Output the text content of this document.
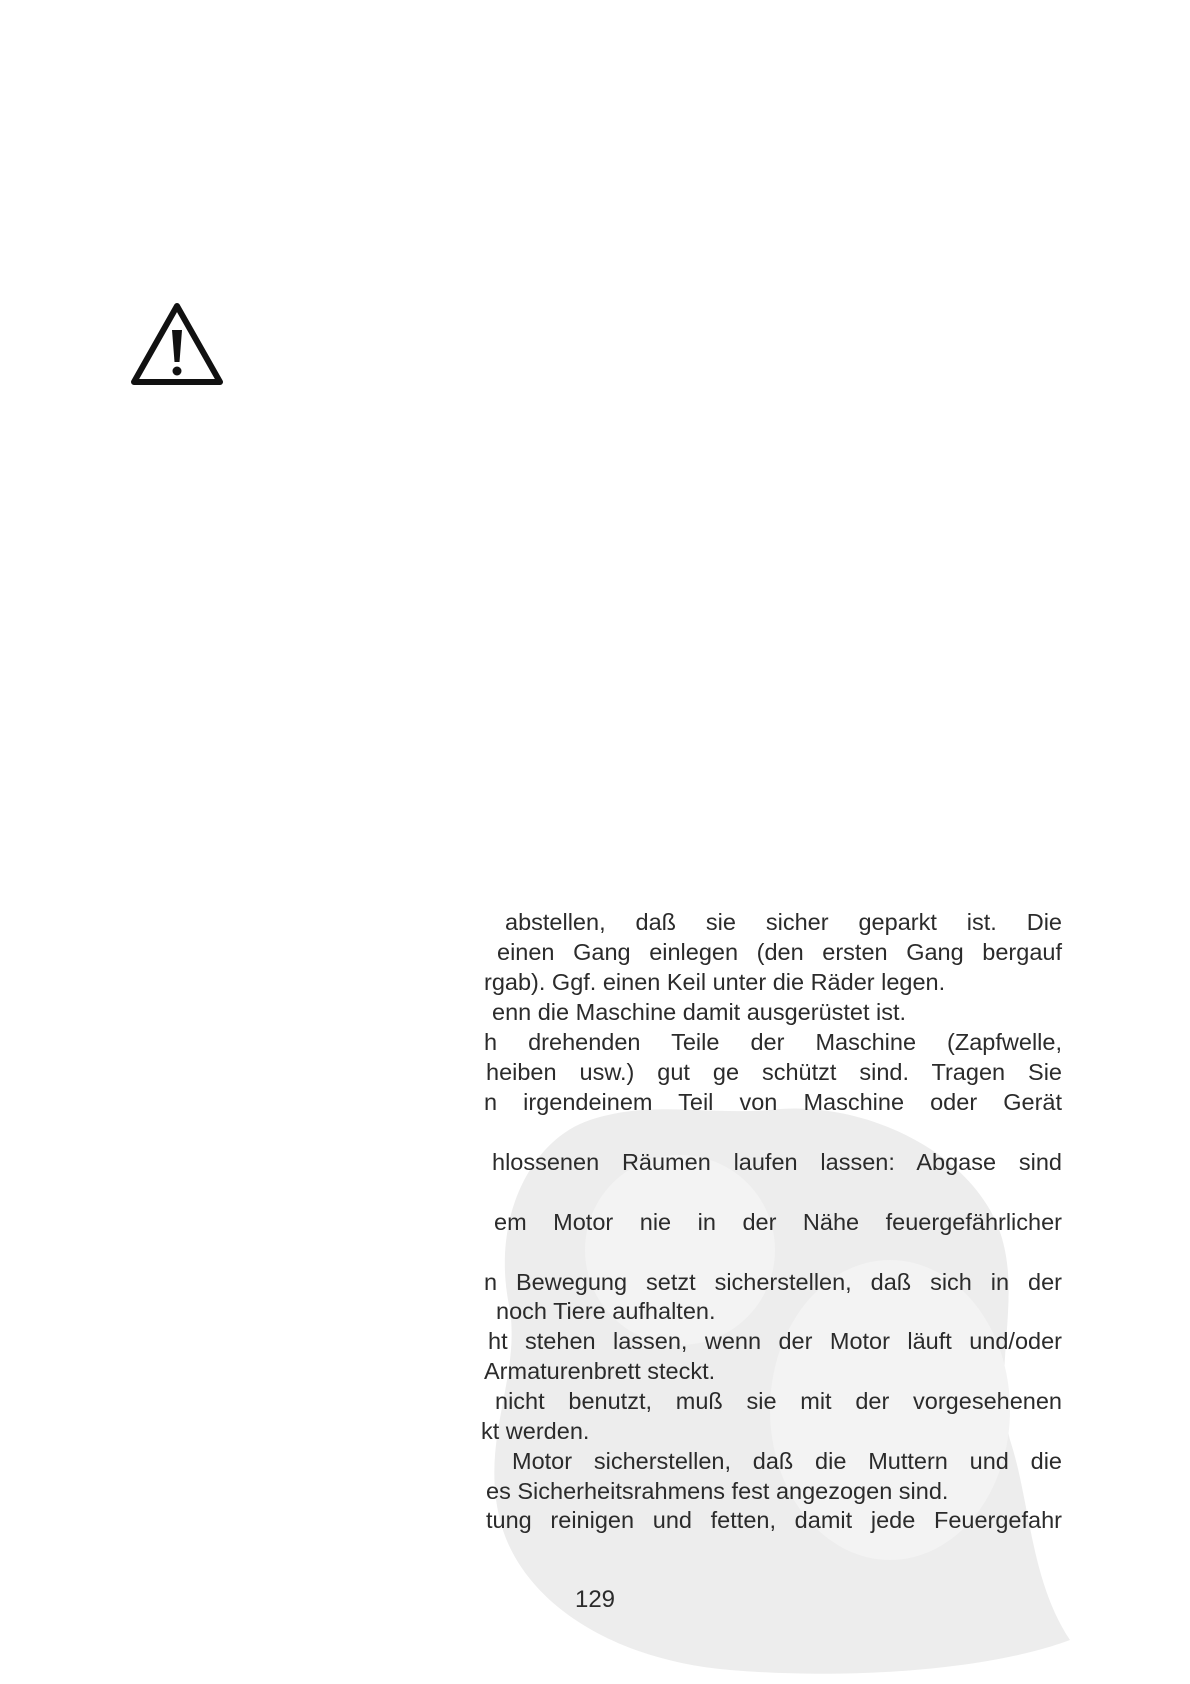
abstellen, daß sie sicher geparkt ist. Die
einen Gang einlegen (den ersten Gang bergauf
rgab). Ggf. einen Keil unter die Räder legen.
enn die Maschine damit ausgerüstet ist.
h drehenden Teile der Maschine (Zapfwelle,
heiben usw.) gut ge schützt sind. Tragen Sie
n irgendeinem Teil von Maschine oder Gerät
hlossenen Räumen laufen lassen: Abgase sind
em Motor nie in der Nähe feuergefährlicher
n Bewegung setzt sicherstellen, daß sich in der
noch Tiere aufhalten.
ht stehen lassen, wenn der Motor läuft und/oder
Armaturenbrett steckt.
nicht benutzt, muß sie mit der vorgesehenen
kt werden.
Motor sicherstellen, daß die Muttern und die
es Sicherheitsrahmens fest angezogen sind.
tung reinigen und fetten, damit jede Feuergefahr
129
